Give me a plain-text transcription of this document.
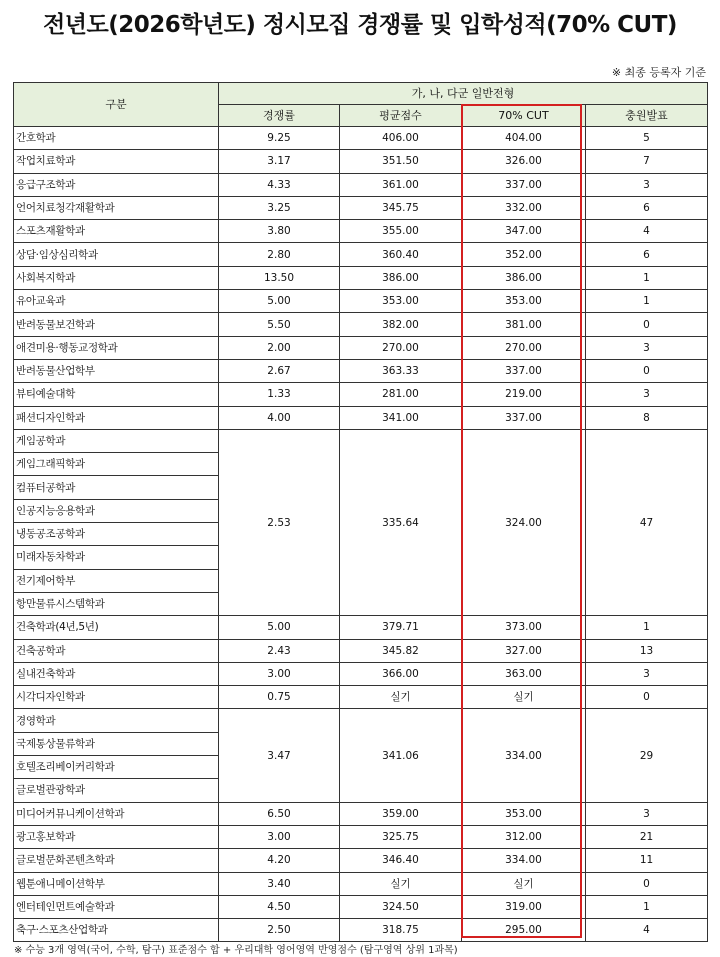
전년도(2026학년도) 정시모집 경쟁률 및 입학성적(70% CUT)
※ 최종 등록자 기준
구분	가, 나, 다군 일반전형			
	경쟁률	평균점수	70% CUT	충원발표
간호학과	9.25	406.00	404.00	5
작업치료학과	3.17	351.50	326.00	7
응급구조학과	4.33	361.00	337.00	3
언어치료청각재활학과	3.25	345.75	332.00	6
스포츠재활학과	3.80	355.00	347.00	4
상담·임상심리학과	2.80	360.40	352.00	6
사회복지학과	13.50	386.00	386.00	1
유아교육과	5.00	353.00	353.00	1
반려동물보건학과	5.50	382.00	381.00	0
애견미용·행동교정학과	2.00	270.00	270.00	3
반려동물산업학부	2.67	363.33	337.00	0
뷰티예술대학	1.33	281.00	219.00	3
패션디자인학과	4.00	341.00	337.00	8
게임공학과	2.53	335.64	324.00	47
게임그래픽학과				
컴퓨터공학과				
인공지능응용학과				
냉동공조공학과				
미래자동차학과				
전기제어학부				
항만물류시스템학과				
건축학과(4년,5년)	5.00	379.71	373.00	1
건축공학과	2.43	345.82	327.00	13
실내건축학과	3.00	366.00	363.00	3
시각디자인학과	0.75	실기	실기	0
경영학과	3.47	341.06	334.00	29
국제통상물류학과				
호텔조리베이커리학과				
글로벌관광학과				
미디어커뮤니케이션학과	6.50	359.00	353.00	3
광고홍보학과	3.00	325.75	312.00	21
글로벌문화콘텐츠학과	4.20	346.40	334.00	11
웹툰애니메이션학부	3.40	실기	실기	0
엔터테인먼트예술학과	4.50	324.50	319.00	1
축구·스포츠산업학과	2.50	318.75	295.00	4
※ 수능 3개 영역(국어, 수학, 탐구) 표준점수 합 + 우리대학 영어영역 반영점수 (탐구영역 상위 1과목)
